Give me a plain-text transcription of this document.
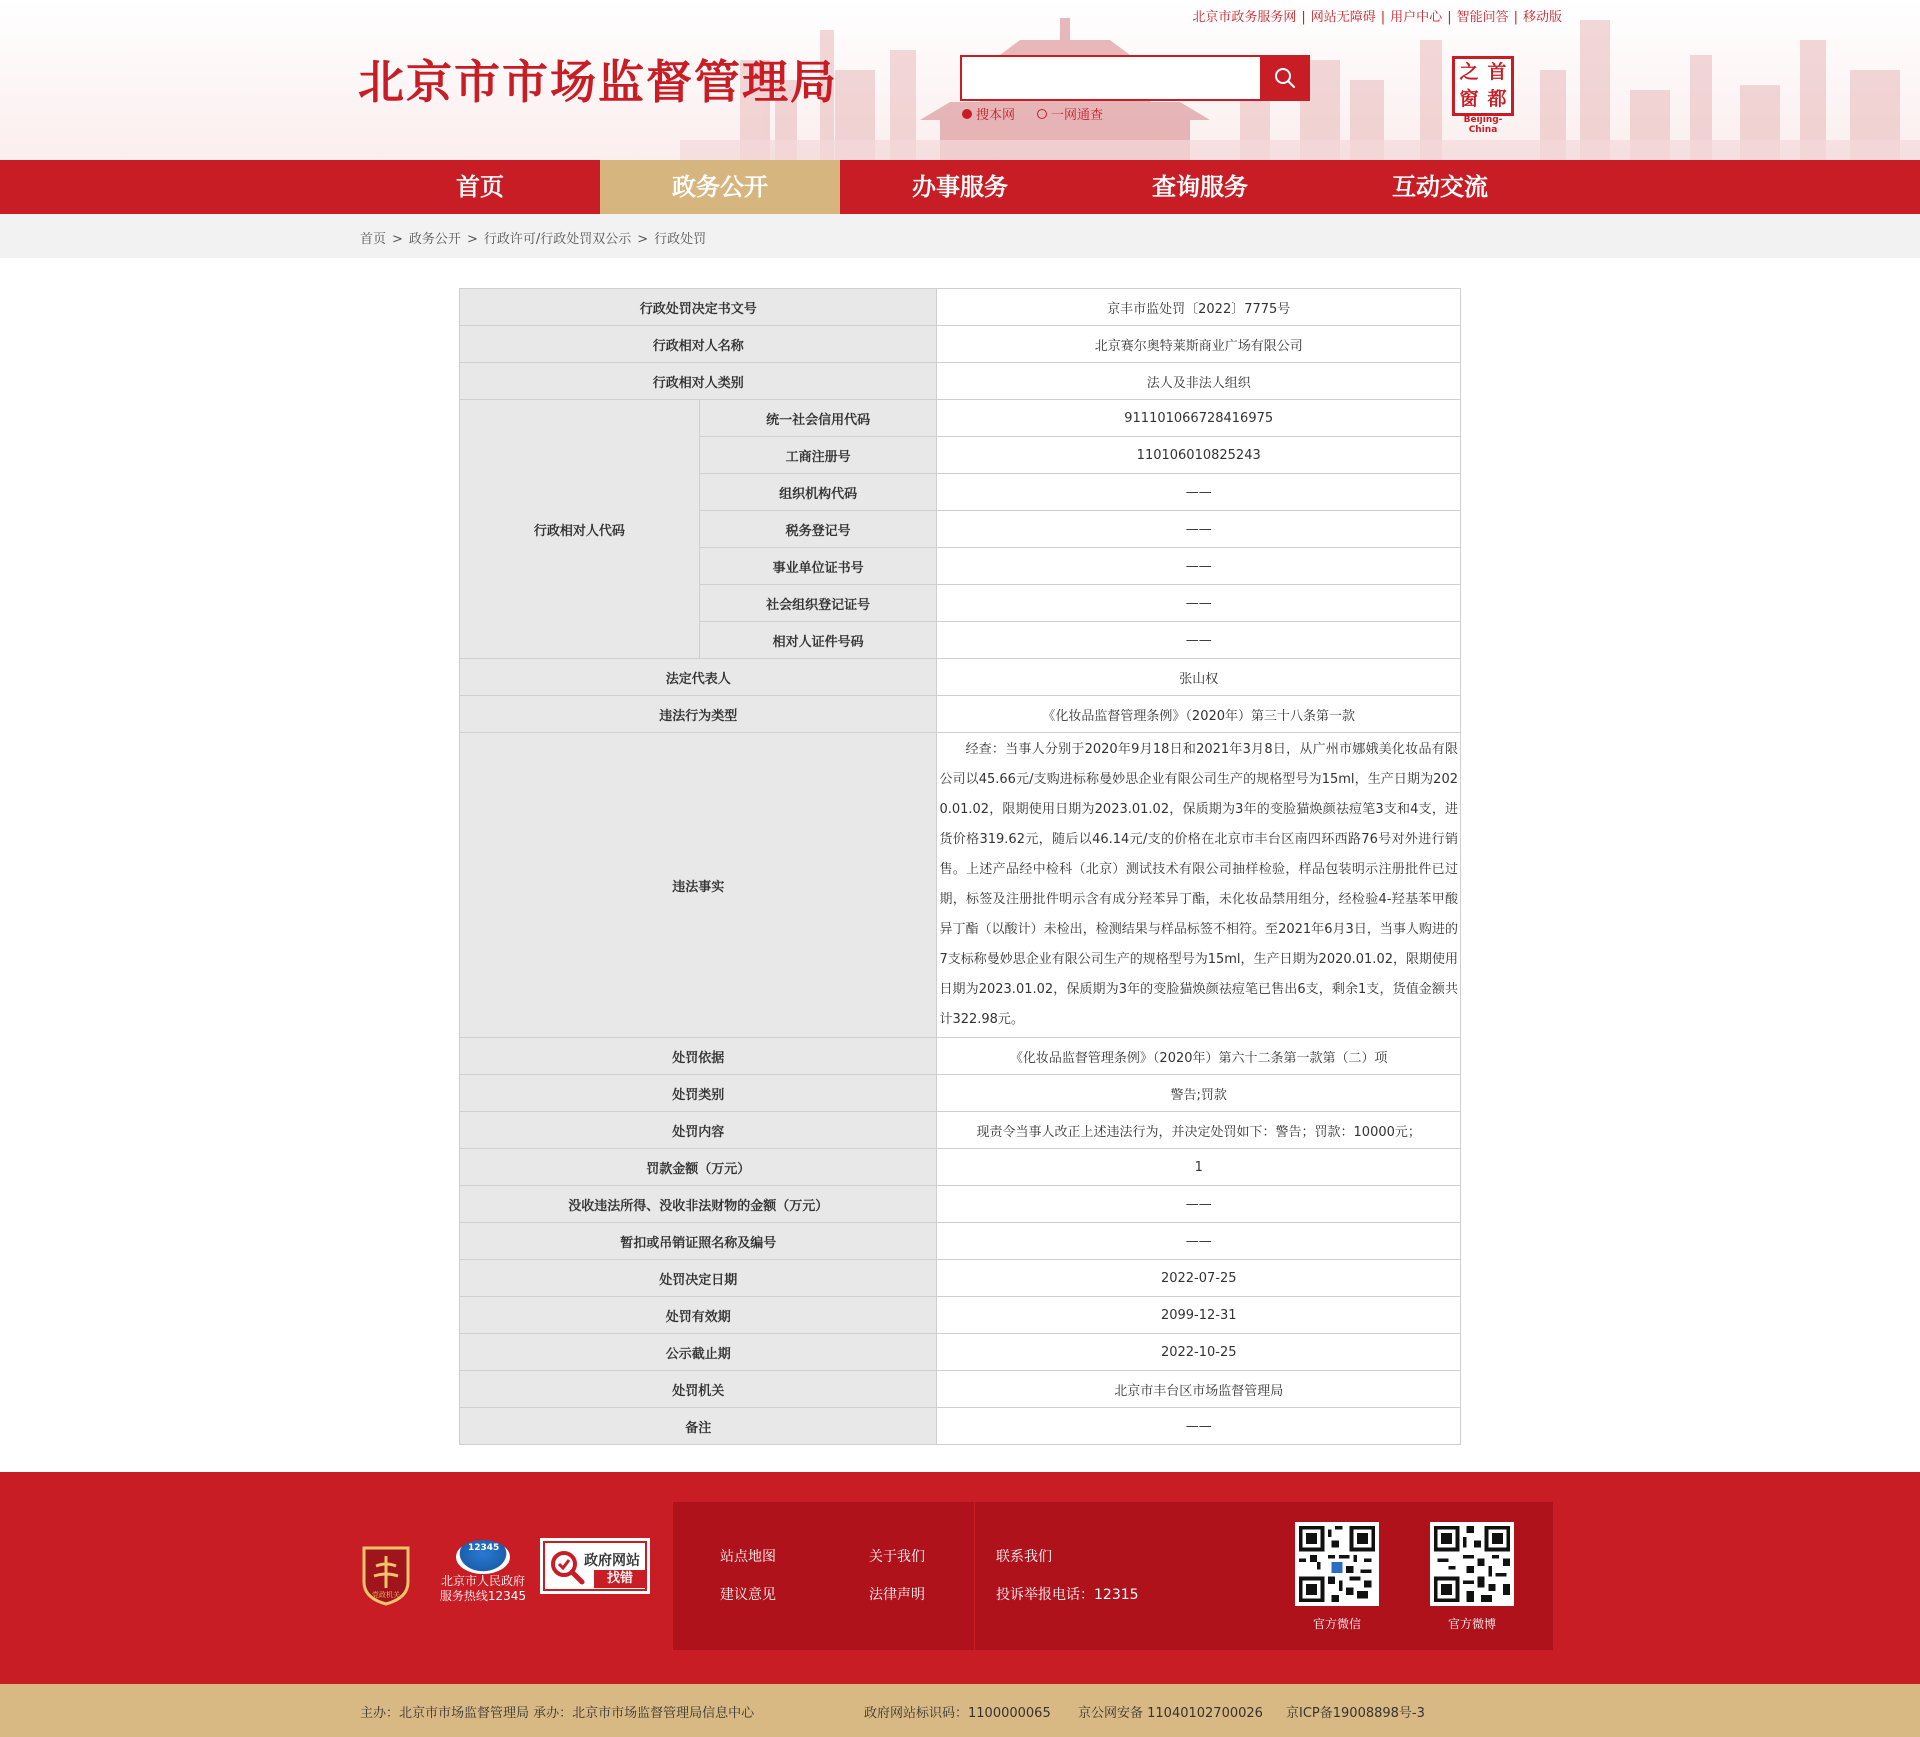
北京市市场监督管理局
北京市政务服务网 | 网站无障碍 | 用户中心 | 智能问答 | 移动版
搜本网	一网通查
之 首
窗 都
Beijing-China
首页	政务公开	办事服务	查询服务	互动交流
首页 > 政务公开 > 行政许可/行政处罚双公示 > 行政处罚
行政处罚决定书文号		京丰市监处罚〔2022〕7775号
行政相对人名称		北京赛尔奥特莱斯商业广场有限公司
行政相对人类别		法人及非法人组织
行政相对人代码	统一社会信用代码	911101066728416975
	工商注册号	110106010825243
	组织机构代码	——
	税务登记号	——
	事业单位证书号	——
	社会组织登记证号	——
	相对人证件号码	——
法定代表人		张山权
违法行为类型		《化妆品监督管理条例》（2020年）第三十八条第一款
违法事实		经查：当事人分别于2020年9月18日和2021年3月8日，从广州市娜娥美化妆品有限公司以45.66元/支购进标称曼妙思企业有限公司生产的规格型号为15ml，生产日期为2020.01.02，限期使用日期为2023.01.02，保质期为3年的变脸猫焕颜祛痘笔3支和4支，进货价格319.62元，随后以46.14元/支的价格在北京市丰台区南四环西路76号对外进行销售。上述产品经中检科（北京）测试技术有限公司抽样检验，样品包装明示注册批件已过期，标签及注册批件明示含有成分羟苯异丁酯，未化妆品禁用组分，经检验4-羟基苯甲酸异丁酯（以酸计）未检出，检测结果与样品标签不相符。至2021年6月3日，当事人购进的7支标称曼妙思企业有限公司生产的规格型号为15ml，生产日期为2020.01.02，限期使用日期为2023.01.02，保质期为3年的变脸猫焕颜祛痘笔已售出6支，剩余1支，货值金额共计322.98元。
处罚依据		《化妆品监督管理条例》（2020年）第六十二条第一款第（二）项
处罚类别		警告;罚款
处罚内容		现责令当事人改正上述违法行为，并决定处罚如下：警告；罚款：10000元；
罚款金额（万元）		1
没收违法所得、没收非法财物的金额（万元）		——
暂扣或吊销证照名称及编号		——
处罚决定日期		2022-07-25
处罚有效期		2099-12-31
公示截止期		2022-10-25
处罚机关		北京市丰台区市场监督管理局
备注		——
党政机关
12345
北京市人民政府
服务热线12345
政府网站
找错
站点地图	关于我们
建议意见	法律声明
联系我们
投诉举报电话：12315
官方微信	官方微博
主办：北京市市场监督管理局 承办：北京市市场监督管理局信息中心	政府网站标识码：1100000065 京公网安备 11040102700026 京ICP备19008898号-3
